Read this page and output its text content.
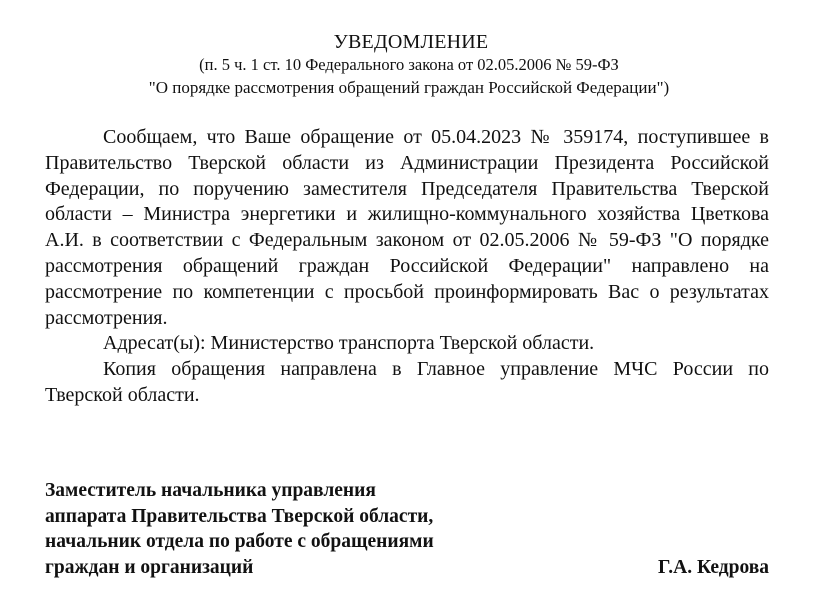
УВЕДОМЛЕНИЕ
(п. 5 ч. 1 ст. 10 Федерального закона от 02.05.2006 № 59-ФЗ
"О порядке рассмотрения обращений граждан Российской Федерации")

Сообщаем, что Ваше обращение от 05.04.2023 № 359174, поступившее в Правительство Тверской области из Администрации Президента Российской Федерации, по поручению заместителя Председателя Правительства Тверской области – Министра энергетики и жилищно-коммунального хозяйства Цветкова А.И. в соответствии с Федеральным законом от 02.05.2006 № 59-ФЗ "О порядке рассмотрения обращений граждан Российской Федерации" направлено на рассмотрение по компетенции с просьбой проинформировать Вас о результатах рассмотрения.

Адресат(ы): Министерство транспорта Тверской области.

Копия обращения направлена в Главное управление МЧС России по Тверской области.

Заместитель начальника управления
аппарата Правительства Тверской области,
начальник отдела по работе с обращениями
граждан и организаций	Г.А. Кедрова
